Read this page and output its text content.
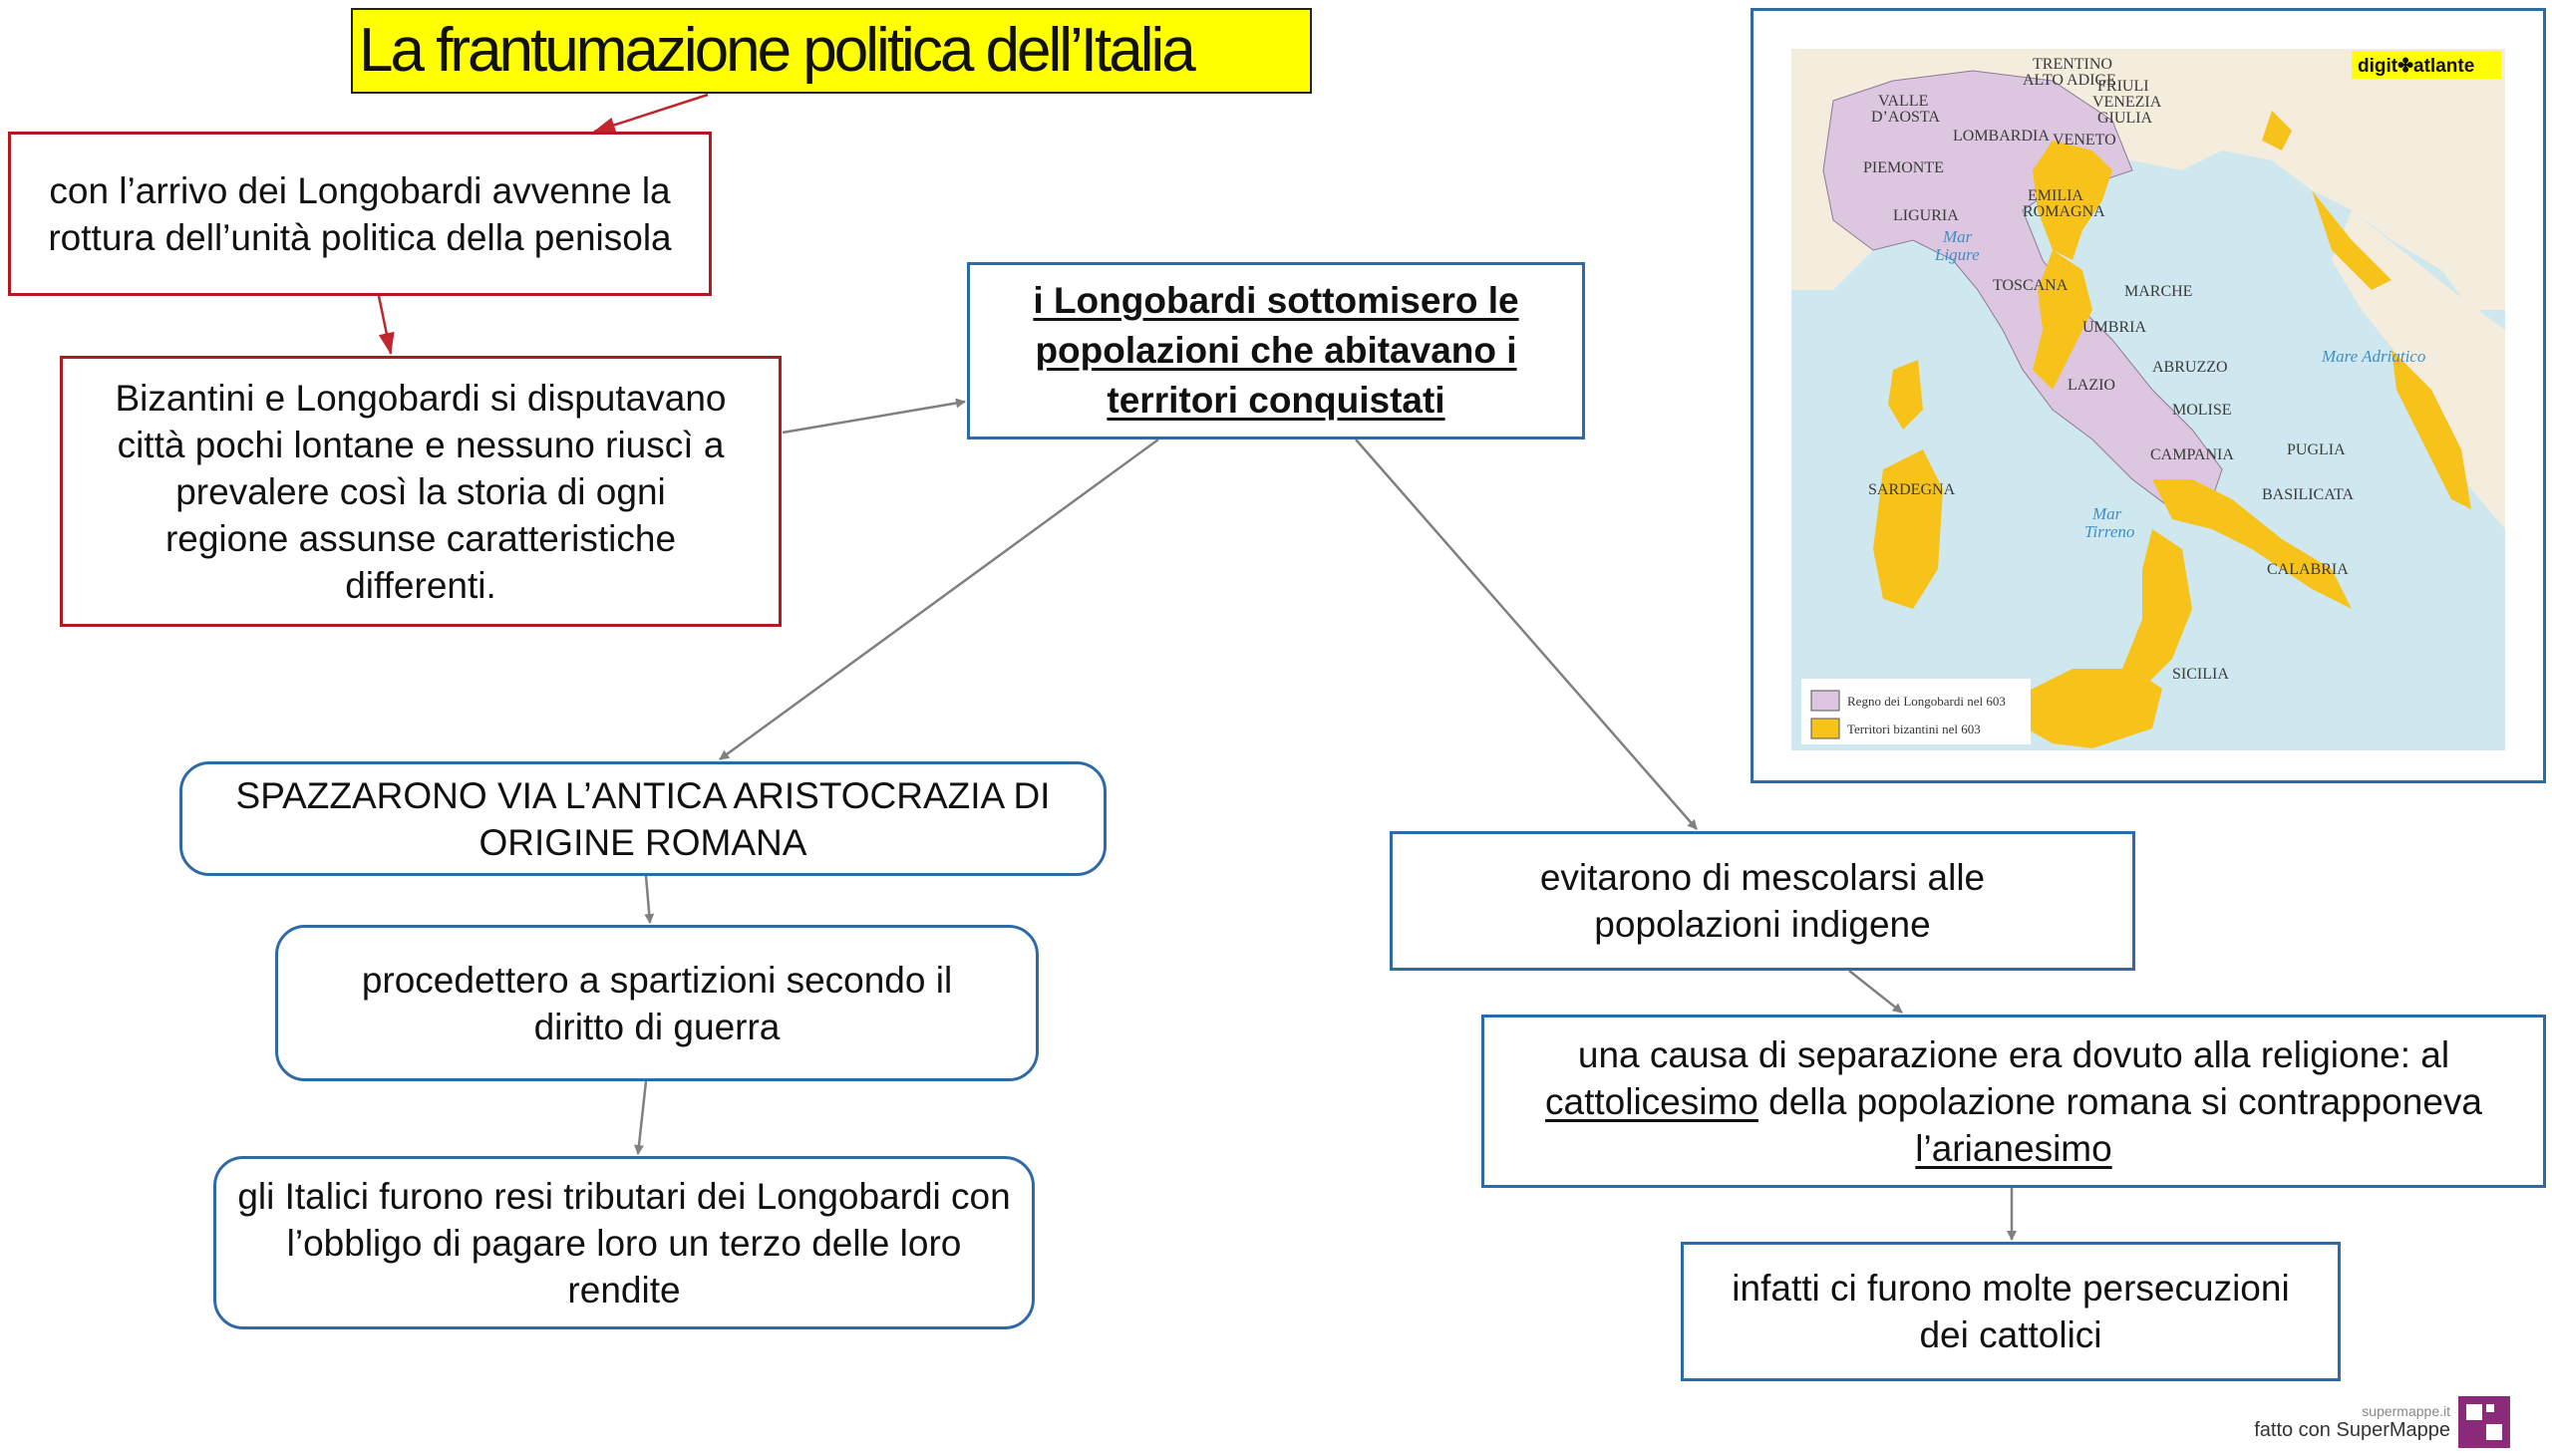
La frantumazione politica dell’Italia
con l’arrivo dei Longobardi avvenne la rottura dell’unità politica della penisola
Bizantini e Longobardi si disputavano città pochi lontane e nessuno riuscì a prevalere così la storia di ogni regione assunse caratteristiche differenti.
i Longobardi sottomisero le popolazioni che abitavano i territori conquistati
SPAZZARONO VIA L’ANTICA ARISTOCRAZIA DI ORIGINE ROMANA
procedettero a spartizioni secondo il diritto di guerra
gli Italici furono resi tributari dei Longobardi con l’obbligo di pagare loro un terzo delle loro rendite
evitarono di mescolarsi alle popolazioni indigene
una causa di separazione era dovuto alla religione: al cattolicesimo della popolazione romana si contrapponeva l’arianesimo
infatti ci furono molte persecuzioni dei cattolici
TRENTINO
ALTO ADIGE
FRIULI
VENEZIA
GIULIA
VALLE
D’AOSTA
LOMBARDIA VENETO
PIEMONTE
LIGURIA
EMILIA
ROMAGNA
TOSCANA	MARCHE
UMBRIA
ABRUZZO
LAZIO
MOLISE
CAMPANIA	PUGLIA
BASILICATA
SARDEGNA
CALABRIA
SICILIA
Mar
Ligure
Mare Adriatico
Mar
Tirreno
digit✤atlante
Regno dei Longobardi nel 603
Territori bizantini nel 603
supermappe.it
fatto con SuperMappe
